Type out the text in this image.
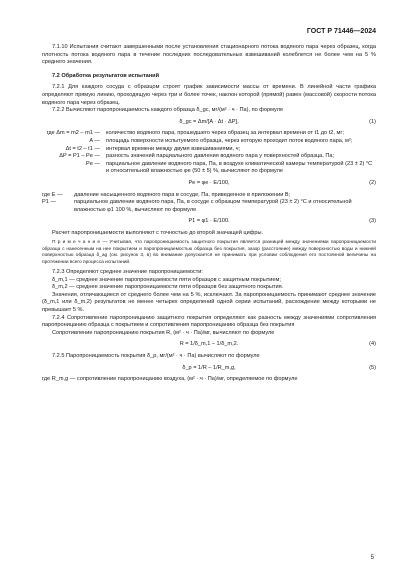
ГОСТ Р 71446—2024

7.1.10 Испытания считают завершенными после установления стационарного потока водяного пара через образец, когда плотность потока водяного пара в течение последних последовательных взвешиваний колеблется не более чем на 5 % среднего значения.

7.2 Обработка результатов испытаний

7.2.1 Для каждого сосуда с образцом строят график зависимости массы от времени. В линейной части графика определяют прямую линию, проходящую через три и более точек, наклон которой (прямой) равен (массовой) скорости потока водяного пара через образец.

7.2.2 Вычисляют паропроницаемость каждого образца δ_gc, мг/(м² · ч · Па), по формуле

δ_gc = Δm/[A · Δt · ΔP],	(1)
где Δm = m2 – m1 —	количество водяного пара, прошедшего через образец за интервал времени от t1 до t2, мг;
A —	площадь поверхности испытуемого образца, через которую проходит поток водяного пара, м²;
Δt = t2 – t1 —	интервал времени между двумя взвешиваниями, ч;
ΔP = P1 – Pe —	разность значений парциального давления водяного пара у поверхностей образца, Па;
Pe —	парциальное давление водяного пара, Па, в воздухе климатической камеры температурой (23 ± 2) °С и относительной влажностью φe (50 ± 5) %, вычисляют по формуле
Pe = φe · E/100,	(2)
где E —	давление насыщенного водяного пара в сосуде, Па, приведенное в приложении В;
P1 —	парциальное давление водяного пара, Па, в сосуде с образцом температурой (23 ± 2) °С и относительной влажностью φ1 100 %, вычисляют по формуле
P1 = φ1 · E/100.	(3)

Расчет паропроницаемости выполняют с точностью до второй значащей цифры.

П р и м е ч а н и е — Учитывая, что паропроницаемость защитного покрытия является разницей между значениями паропроницаемости образца с нанесенным на нее покрытием и паропроницаемостью образца без покрытия, зазор (расстояние) между поверхностью воды и нижней поверхностью образца δ_ag (см. рисунок 3, в) во внимание допускается не принимать при условии соблюдения его постоянной величины на протяжении всего процесса испытаний.

7.2.3 Определяют среднее значение паропроницаемости:

δ_m,1 — среднее значение паропроницаемости пяти образцов с защитным покрытием;

δ_m,2 — среднее значение паропроницаемости пяти образцов без защитного покрытия.

Значения, отличающиеся от среднего более чем на 5 %, исключают. За паропроницаемость принимают среднее значение (δ_m,1 или δ_m,2) результатов не менее четырех определений одной серии испытаний, расхождение между которыми не превышает 5 %.

7.2.4 Сопротивление паропроницанию защитного покрытия определяют как разность между значениями сопротивления паропроницанию образца с покрытием и сопротивления паропроницанию образца без покрытия

Сопротивление паропроницанию покрытия R, (м² · ч · Па)/мг, вычисляют по формуле

R = 1/δ_m,1 – 1/δ_m,2.	(4)

7.2.5 Паропроницаемость покрытия δ_p, мг/(м² · ч · Па) вычисляют по формуле

δ_p = 1/R – 1/R_m,g,	(5)

где R_m,g — сопротивление паропроницанию воздуха, (м² · ч · Па)/мг, определяемое по формуле

5
